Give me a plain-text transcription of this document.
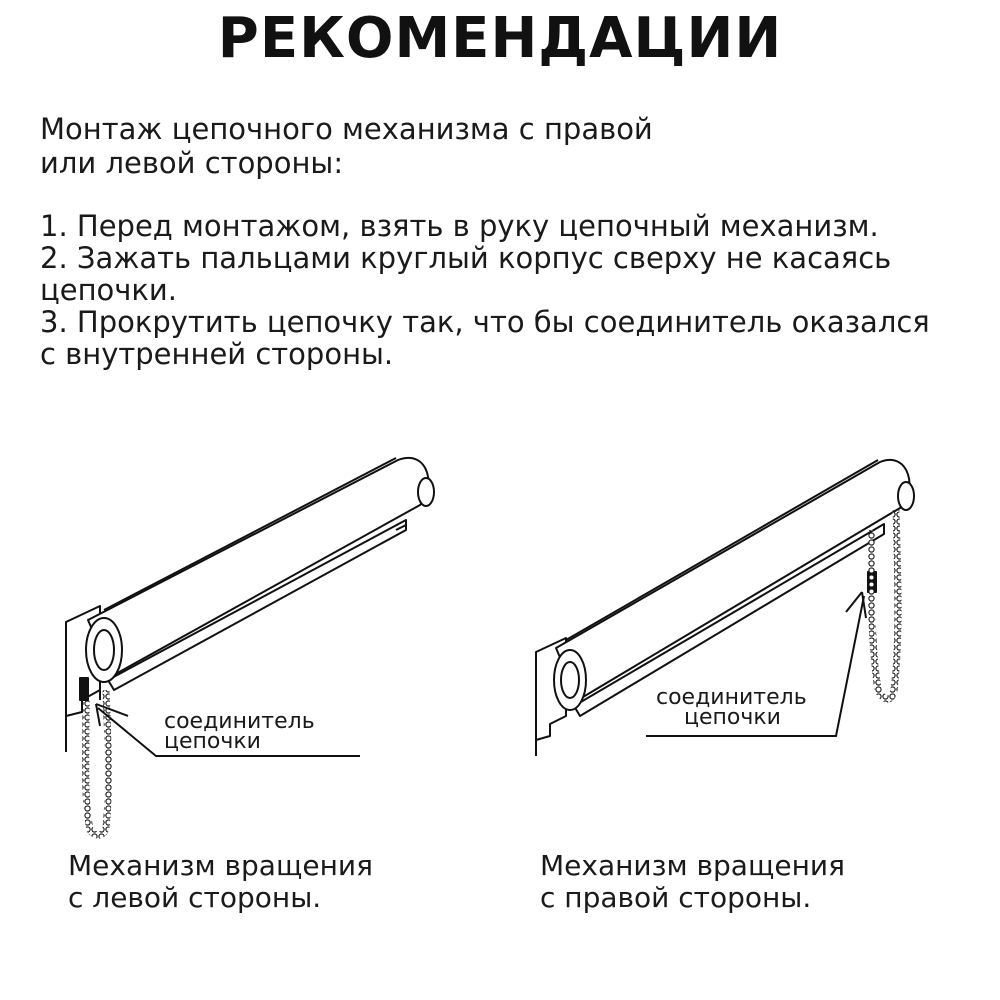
РЕКОМЕНДАЦИИ
Монтаж цепочного механизма с правой
или левой стороны:
1. Перед монтажом, взять в руку цепочный механизм.
2. Зажать пальцами круглый корпус сверху не касаясь
цепочки.
3. Прокрутить цепочку так, что бы соединитель оказался
с внутренней стороны.
соединитель
цепочки
соединитель
цепочки
Механизм вращения
с левой стороны.
Механизм вращения
с правой стороны.
